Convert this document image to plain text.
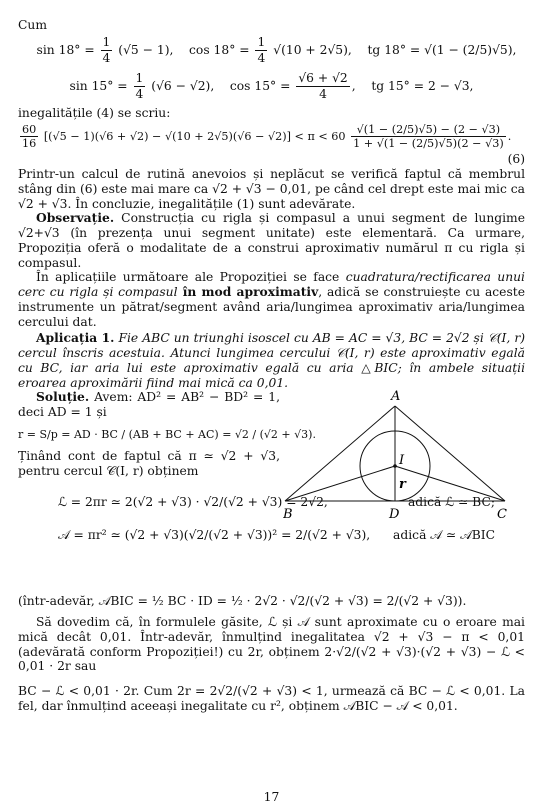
Cum

$\sin 18^\circ = \frac{1}{4} (√5 - 1)$, $\cos 18^\circ = \frac{1}{4} √(10 + 2√5)$, tg 18° = √(1 − (2/5)√5),
$\sin 15^\circ = \frac{1}{4} (√6 - √2)$, $\cos 15^\circ = \frac{√6 + √2}{4}$ ,    tg 15° = 2 − √3,

inegalitățile (4) se scriu:

$\frac{60}{16} [(√5 - 1)(√6 + √2) - √(10 + 2√5)(√6 - √2)] < \pi < 60 \frac{√(1 - (2/5)√5) - (2 - √3)}{1 + √(1 - (2/5)√5)(2 - √3)}$ .

(6)

Printr-un calcul de rutină anevoios și neplăcut se verifică faptul că membrul stâng din (6) este mai mare ca √2 + √3 − 0,01, pe când cel drept este mai mic ca √2 + √3. În concluzie, inegalitățile (1) sunt adevărate.

Observație. Construcția cu rigla și compasul a unui segment de lungime √2+√3 (în prezența unui segment unitate) este elementară. Ca urmare, Propoziția oferă o modalitate de a construi aproximativ numărul π cu rigla și compasul.

În aplicațiile următoare ale Propoziției se face cuadratura/rectificarea unui cerc cu rigla și compasul în mod aproximativ, adică se construiește cu aceste instrumente un pătrat/segment având aria/lungimea aproximativ aria/lungimea cercului dat.

Aplicația 1. Fie ABC un triunghi isoscel cu AB = AC = √3, BC = 2√2 și 𝒞(I, r) cercul înscris acestuia. Atunci lungimea cercului 𝒞(I, r) este aproximativ egală cu BC, iar aria lui este aproximativ egală cu aria △BIC; în ambele situații eroarea aproximării fiind mai mică ca 0,01.

Soluție. Avem: AD² = AB² − BD² = 1, deci AD = 1 și

r = S/p = AD · BC / (AB + BC + AC) = √2 / (√2 + √3).

Ținând cont de faptul că π ≃ √2 + √3, pentru cercul 𝒞(I, r) obținem

A
B	C
D
I
r
ℒ = 2πr ≃ 2(√2 + √3) · √2/(√2 + √3) = 2√2,	adică ℒ ≃ BC;
𝒜 = πr² ≃ (√2 + √3)(√2/(√2 + √3))² = 2/(√2 + √3), adică 𝒜 ≃ 𝒜BIC

(într-adevăr, 𝒜BIC = ½ BC · ID = ½ · 2√2 · √2/(√2 + √3) = 2/(√2 + √3)).

Să dovedim că, în formulele găsite, ℒ și 𝒜 sunt aproximate cu o eroare mai mică decât 0,01. Într-adevăr, înmulțind inegalitatea √2 + √3 − π < 0,01 (adevărată conform Propoziției!) cu 2r, obținem 2·√2/(√2 + √3)·(√2 + √3) − ℒ < 0,01 · 2r sau

BC − ℒ < 0,01 · 2r. Cum 2r = 2√2/(√2 + √3) < 1, urmează că BC − ℒ < 0,01. La fel, dar înmulțind aceeași inegalitate cu r², obținem 𝒜BIC − 𝒜 < 0,01.

17
